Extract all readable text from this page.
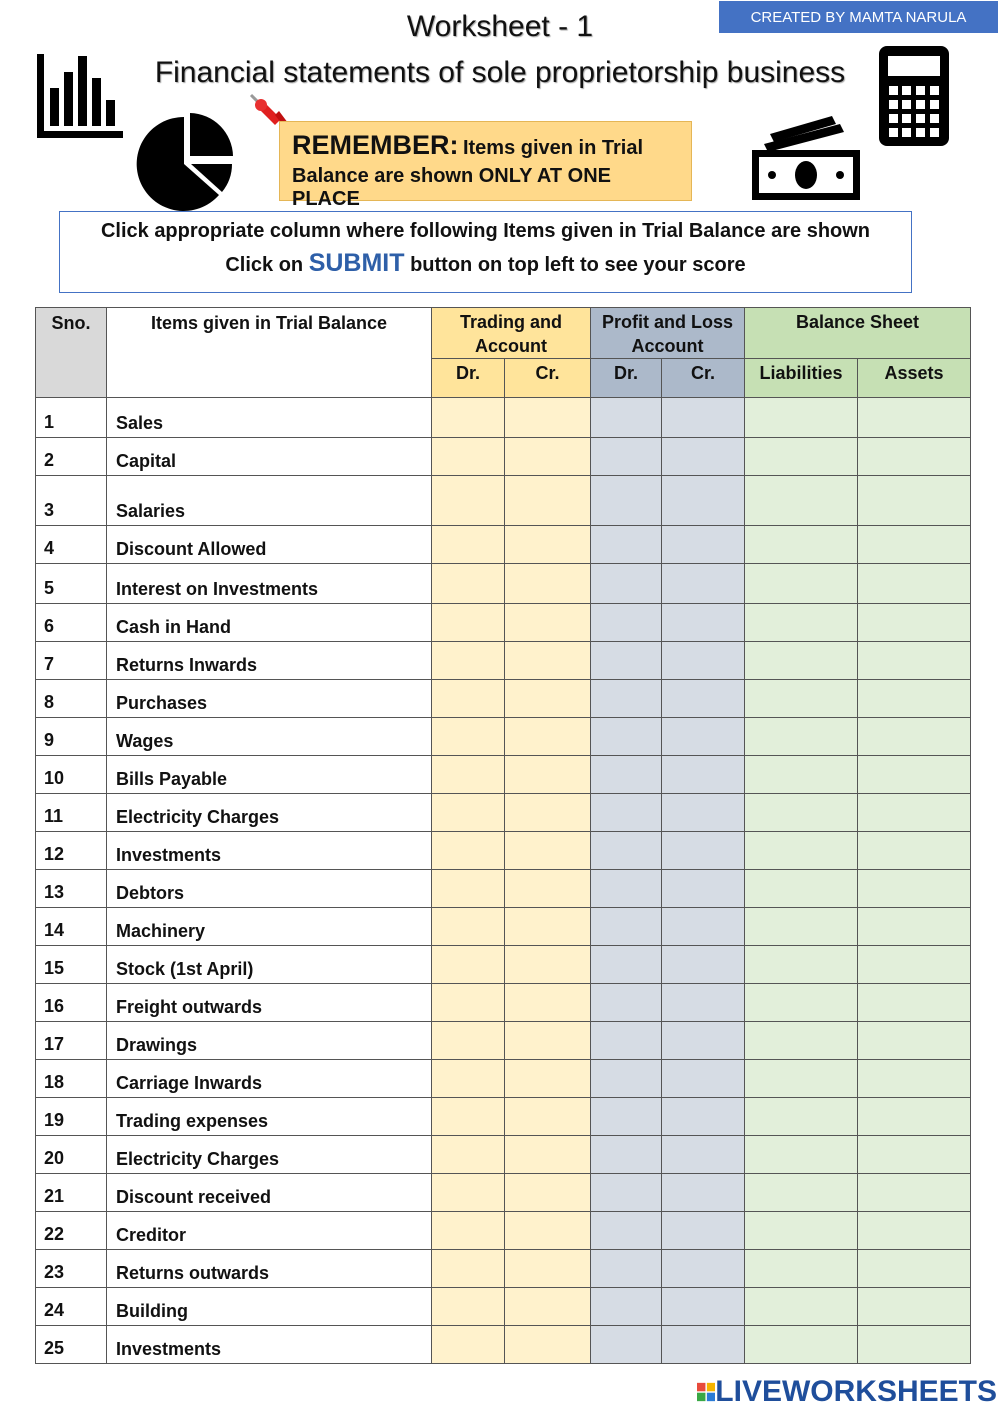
CREATED BY MAMTA NARULA
Worksheet - 1
Financial statements of sole proprietorship business
REMEMBER: Items given in Trial
Balance are shown ONLY AT ONE PLACE
Click appropriate column where following Items given in Trial Balance are shown
Click on SUBMIT button on top left to see your score
Sno.	Items given in Trial Balance	Trading and Account		Profit and Loss Account		Balance Sheet	
		Dr.	Cr.	Dr.	Cr.	Liabilities	Assets
1	Sales						
2	Capital						
3	Salaries						
4	Discount Allowed						
5	Interest on Investments						
6	Cash in Hand						
7	Returns Inwards						
8	Purchases						
9	Wages						
10	Bills Payable						
11	Electricity Charges						
12	Investments						
13	Debtors						
14	Machinery						
15	Stock (1st April)						
16	Freight outwards						
17	Drawings						
18	Carriage Inwards						
19	Trading expenses						
20	Electricity Charges						
21	Discount received						
22	Creditor						
23	Returns outwards						
24	Building						
25	Investments						
LIVEWORKSHEETS
